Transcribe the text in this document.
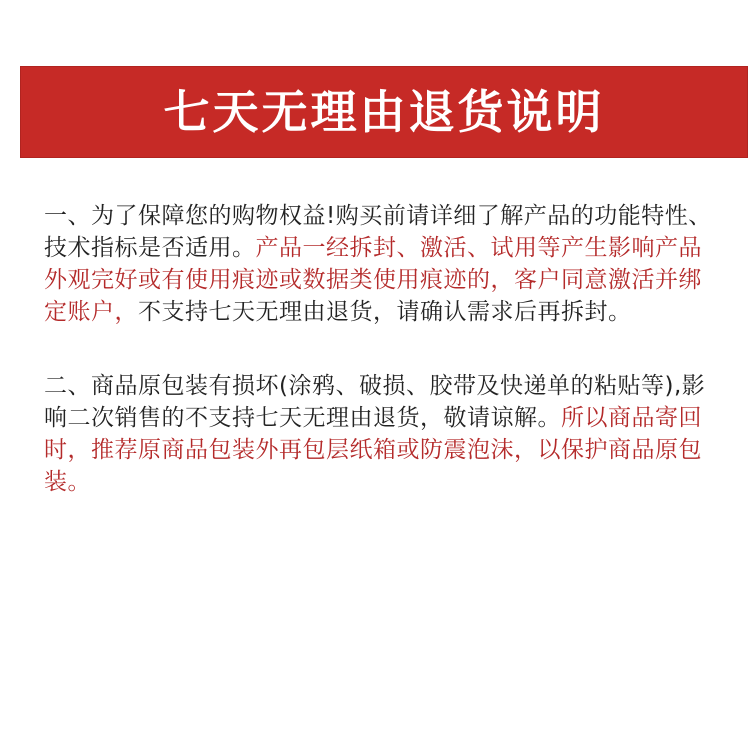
七天无理由退货说明
一、为了保障您的购物权益!购买前请详细了解产品的功能特性、技术指标是否适用。产品一经拆封、激活、试用等产生影响产品外观完好或有使用痕迹或数据类使用痕迹的，客户同意激活并绑定账户，不支持七天无理由退货，请确认需求后再拆封。
二、商品原包装有损坏(涂鸦、破损、胶带及快递单的粘贴等),影响二次销售的不支持七天无理由退货，敬请谅解。所以商品寄回时，推荐原商品包装外再包层纸箱或防震泡沫，以保护商品原包装。
